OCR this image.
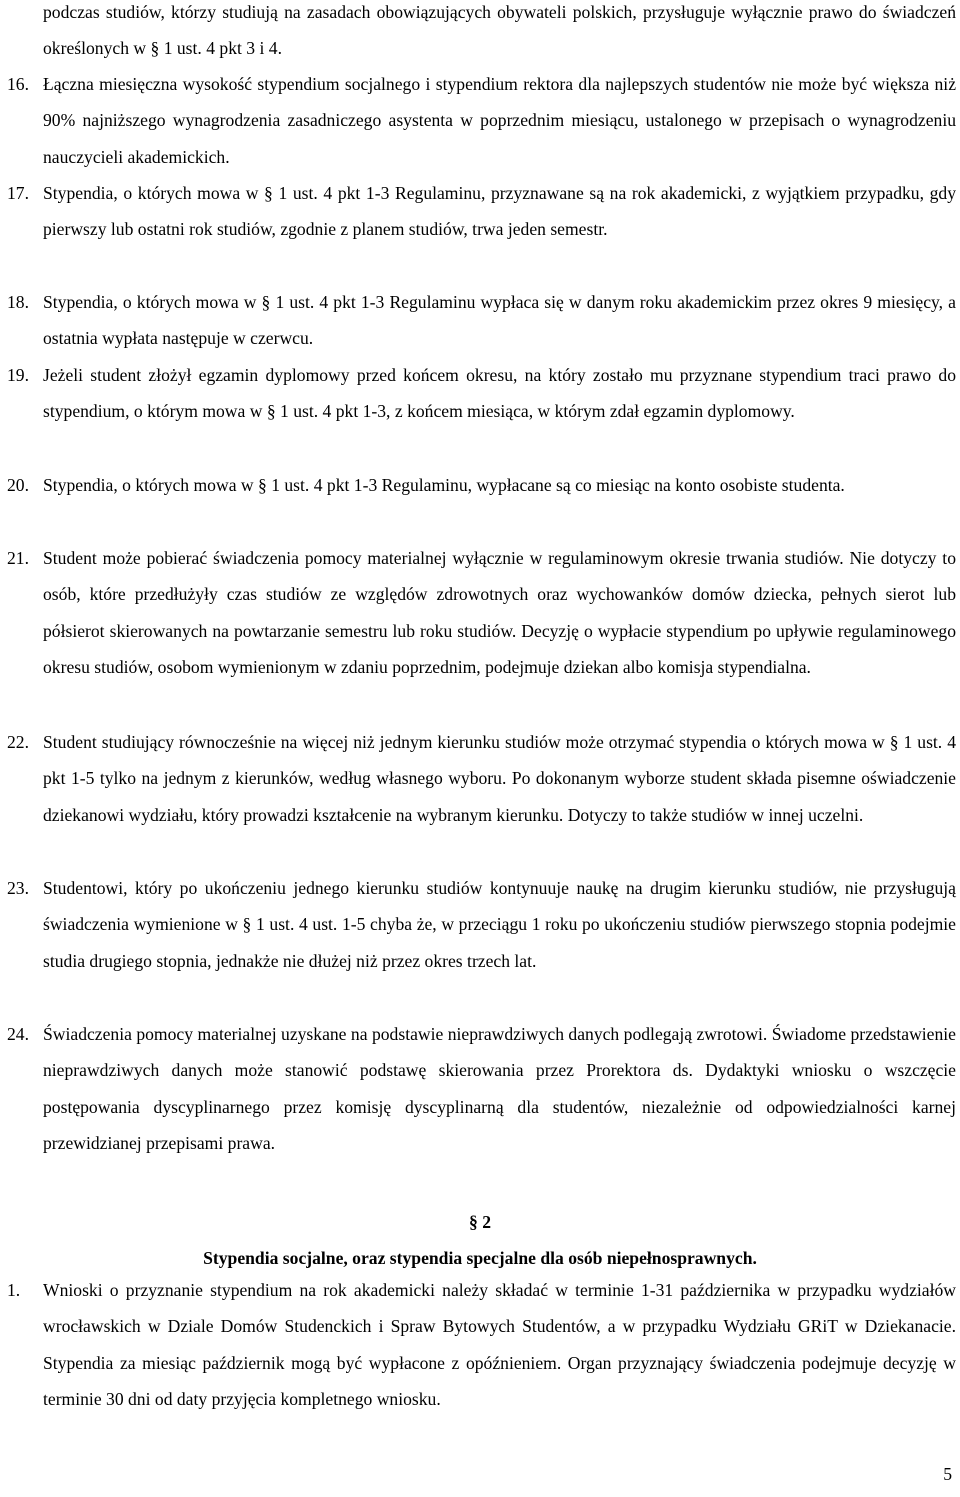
podczas studiów, którzy studiują na zasadach obowiązujących obywateli polskich, przysługuje wyłącznie prawo do świadczeń określonych w § 1 ust. 4 pkt 3 i 4.
16. Łączna miesięczna wysokość stypendium socjalnego i stypendium rektora dla najlepszych studentów nie może być większa niż 90% najniższego wynagrodzenia zasadniczego asystenta w poprzednim miesiącu, ustalonego w przepisach o wynagrodzeniu nauczycieli akademickich.
17. Stypendia, o których mowa w § 1 ust. 4 pkt 1-3 Regulaminu, przyznawane są na rok akademicki, z wyjątkiem przypadku, gdy pierwszy lub ostatni rok studiów, zgodnie z planem studiów, trwa jeden semestr.
18. Stypendia, o których mowa w § 1 ust. 4 pkt 1-3 Regulaminu wypłaca się w danym roku akademickim przez okres 9 miesięcy, a ostatnia wypłata następuje w czerwcu.
19. Jeżeli student złożył egzamin dyplomowy przed końcem okresu, na który zostało mu przyznane stypendium traci prawo do stypendium, o którym mowa w § 1 ust. 4 pkt 1-3, z końcem miesiąca, w którym zdał egzamin dyplomowy.
20. Stypendia, o których mowa w § 1 ust. 4 pkt 1-3 Regulaminu, wypłacane są co miesiąc na konto osobiste studenta.
21. Student może pobierać świadczenia pomocy materialnej wyłącznie w regulaminowym okresie trwania studiów. Nie dotyczy to osób, które przedłużyły czas studiów ze względów zdrowotnych oraz wychowanków domów dziecka, pełnych sierot lub półsierot skierowanych na powtarzanie semestru lub roku studiów. Decyzję o wypłacie stypendium po upływie regulaminowego okresu studiów, osobom wymienionym w zdaniu poprzednim, podejmuje dziekan albo komisja stypendialna.
22. Student studiujący równocześnie na więcej niż jednym kierunku studiów może otrzymać stypendia o których mowa w § 1 ust. 4 pkt 1-5 tylko na jednym z kierunków, według własnego wyboru. Po dokonanym wyborze student składa pisemne oświadczenie dziekanowi wydziału, który prowadzi kształcenie na wybranym kierunku. Dotyczy to także studiów w innej uczelni.
23. Studentowi, który po ukończeniu jednego kierunku studiów kontynuuje naukę na drugim kierunku studiów, nie przysługują świadczenia wymienione w § 1 ust. 4 ust. 1-5 chyba że, w przeciągu 1 roku po ukończeniu studiów pierwszego stopnia podejmie studia drugiego stopnia, jednakże nie dłużej niż przez okres trzech lat.
24. Świadczenia pomocy materialnej uzyskane na podstawie nieprawdziwych danych podlegają zwrotowi. Świadome przedstawienie nieprawdziwych danych może stanowić podstawę skierowania przez Prorektora ds. Dydaktyki wniosku o wszczęcie postępowania dyscyplinarnego przez komisję dyscyplinarną dla studentów, niezależnie od odpowiedzialności karnej przewidzianej przepisami prawa.
§ 2
Stypendia socjalne, oraz stypendia specjalne dla osób niepełnosprawnych.
1.	Wnioski o przyznanie stypendium na rok akademicki należy składać w terminie 1-31 października w przypadku wydziałów wrocławskich w Dziale Domów Studenckich i Spraw Bytowych Studentów, a w przypadku Wydziału GRiT w Dziekanacie. Stypendia za miesiąc październik mogą być wypłacone z opóźnieniem. Organ przyznający świadczenia podejmuje decyzję w terminie 30 dni od daty przyjęcia kompletnego wniosku.
5
